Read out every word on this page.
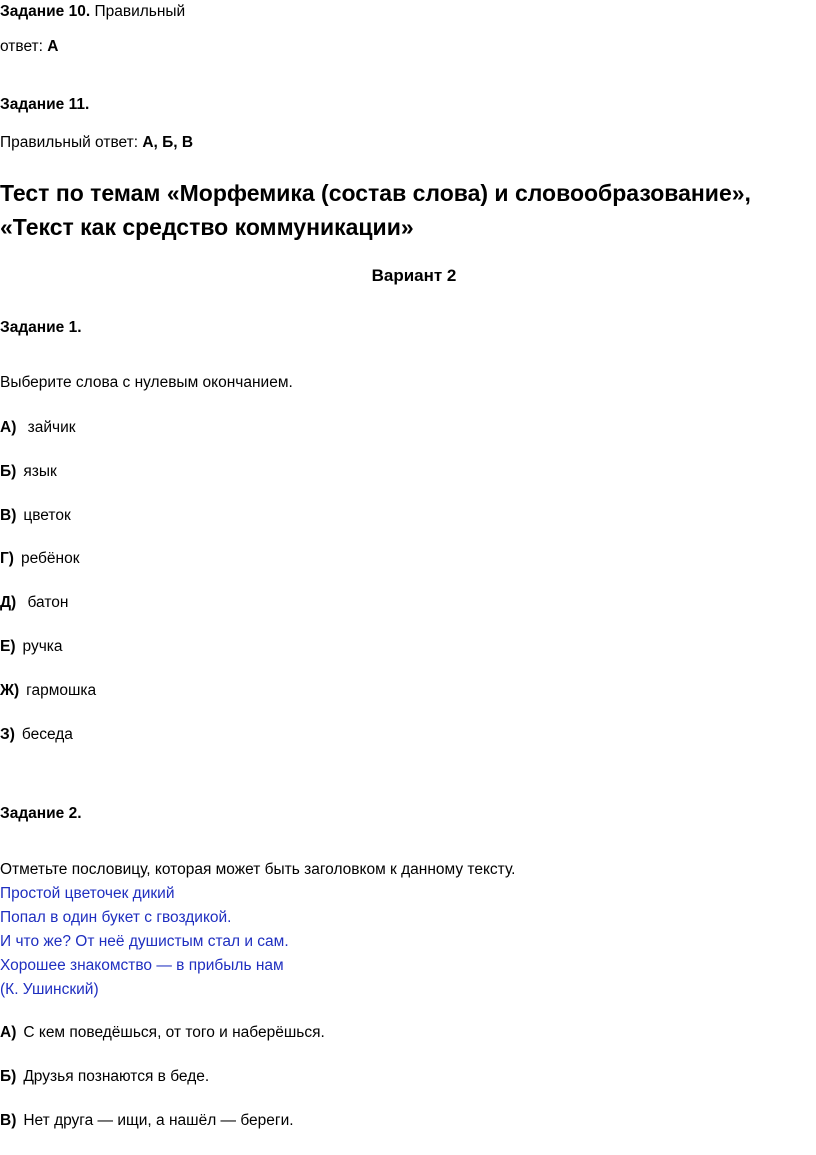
Задание 10. Правильный
ответ: А
Задание 11.
Правильный ответ: А, Б, В
Тест по темам «Морфемика (состав слова) и словообразование»,
«Текст как средство коммуникации»
Вариант 2
Задание 1.
Выберите слова с нулевым окончанием.
А) зайчик
Б) язык
В) цветок
Г) ребёнок
Д) батон
Е) ручка
Ж) гармошка
З) беседа
Задание 2.
Отметьте пословицу, которая может быть заголовком к данному тексту.
Простой цветочек дикий
Попал в один букет с гвоздикой.
И что же? От неё душистым стал и сам.
Хорошее знакомство — в прибыль нам
(К. Ушинский)
А) С кем поведёшься, от того и наберёшься.
Б) Друзья познаются в беде.
В) Нет друга — ищи, а нашёл — береги.
